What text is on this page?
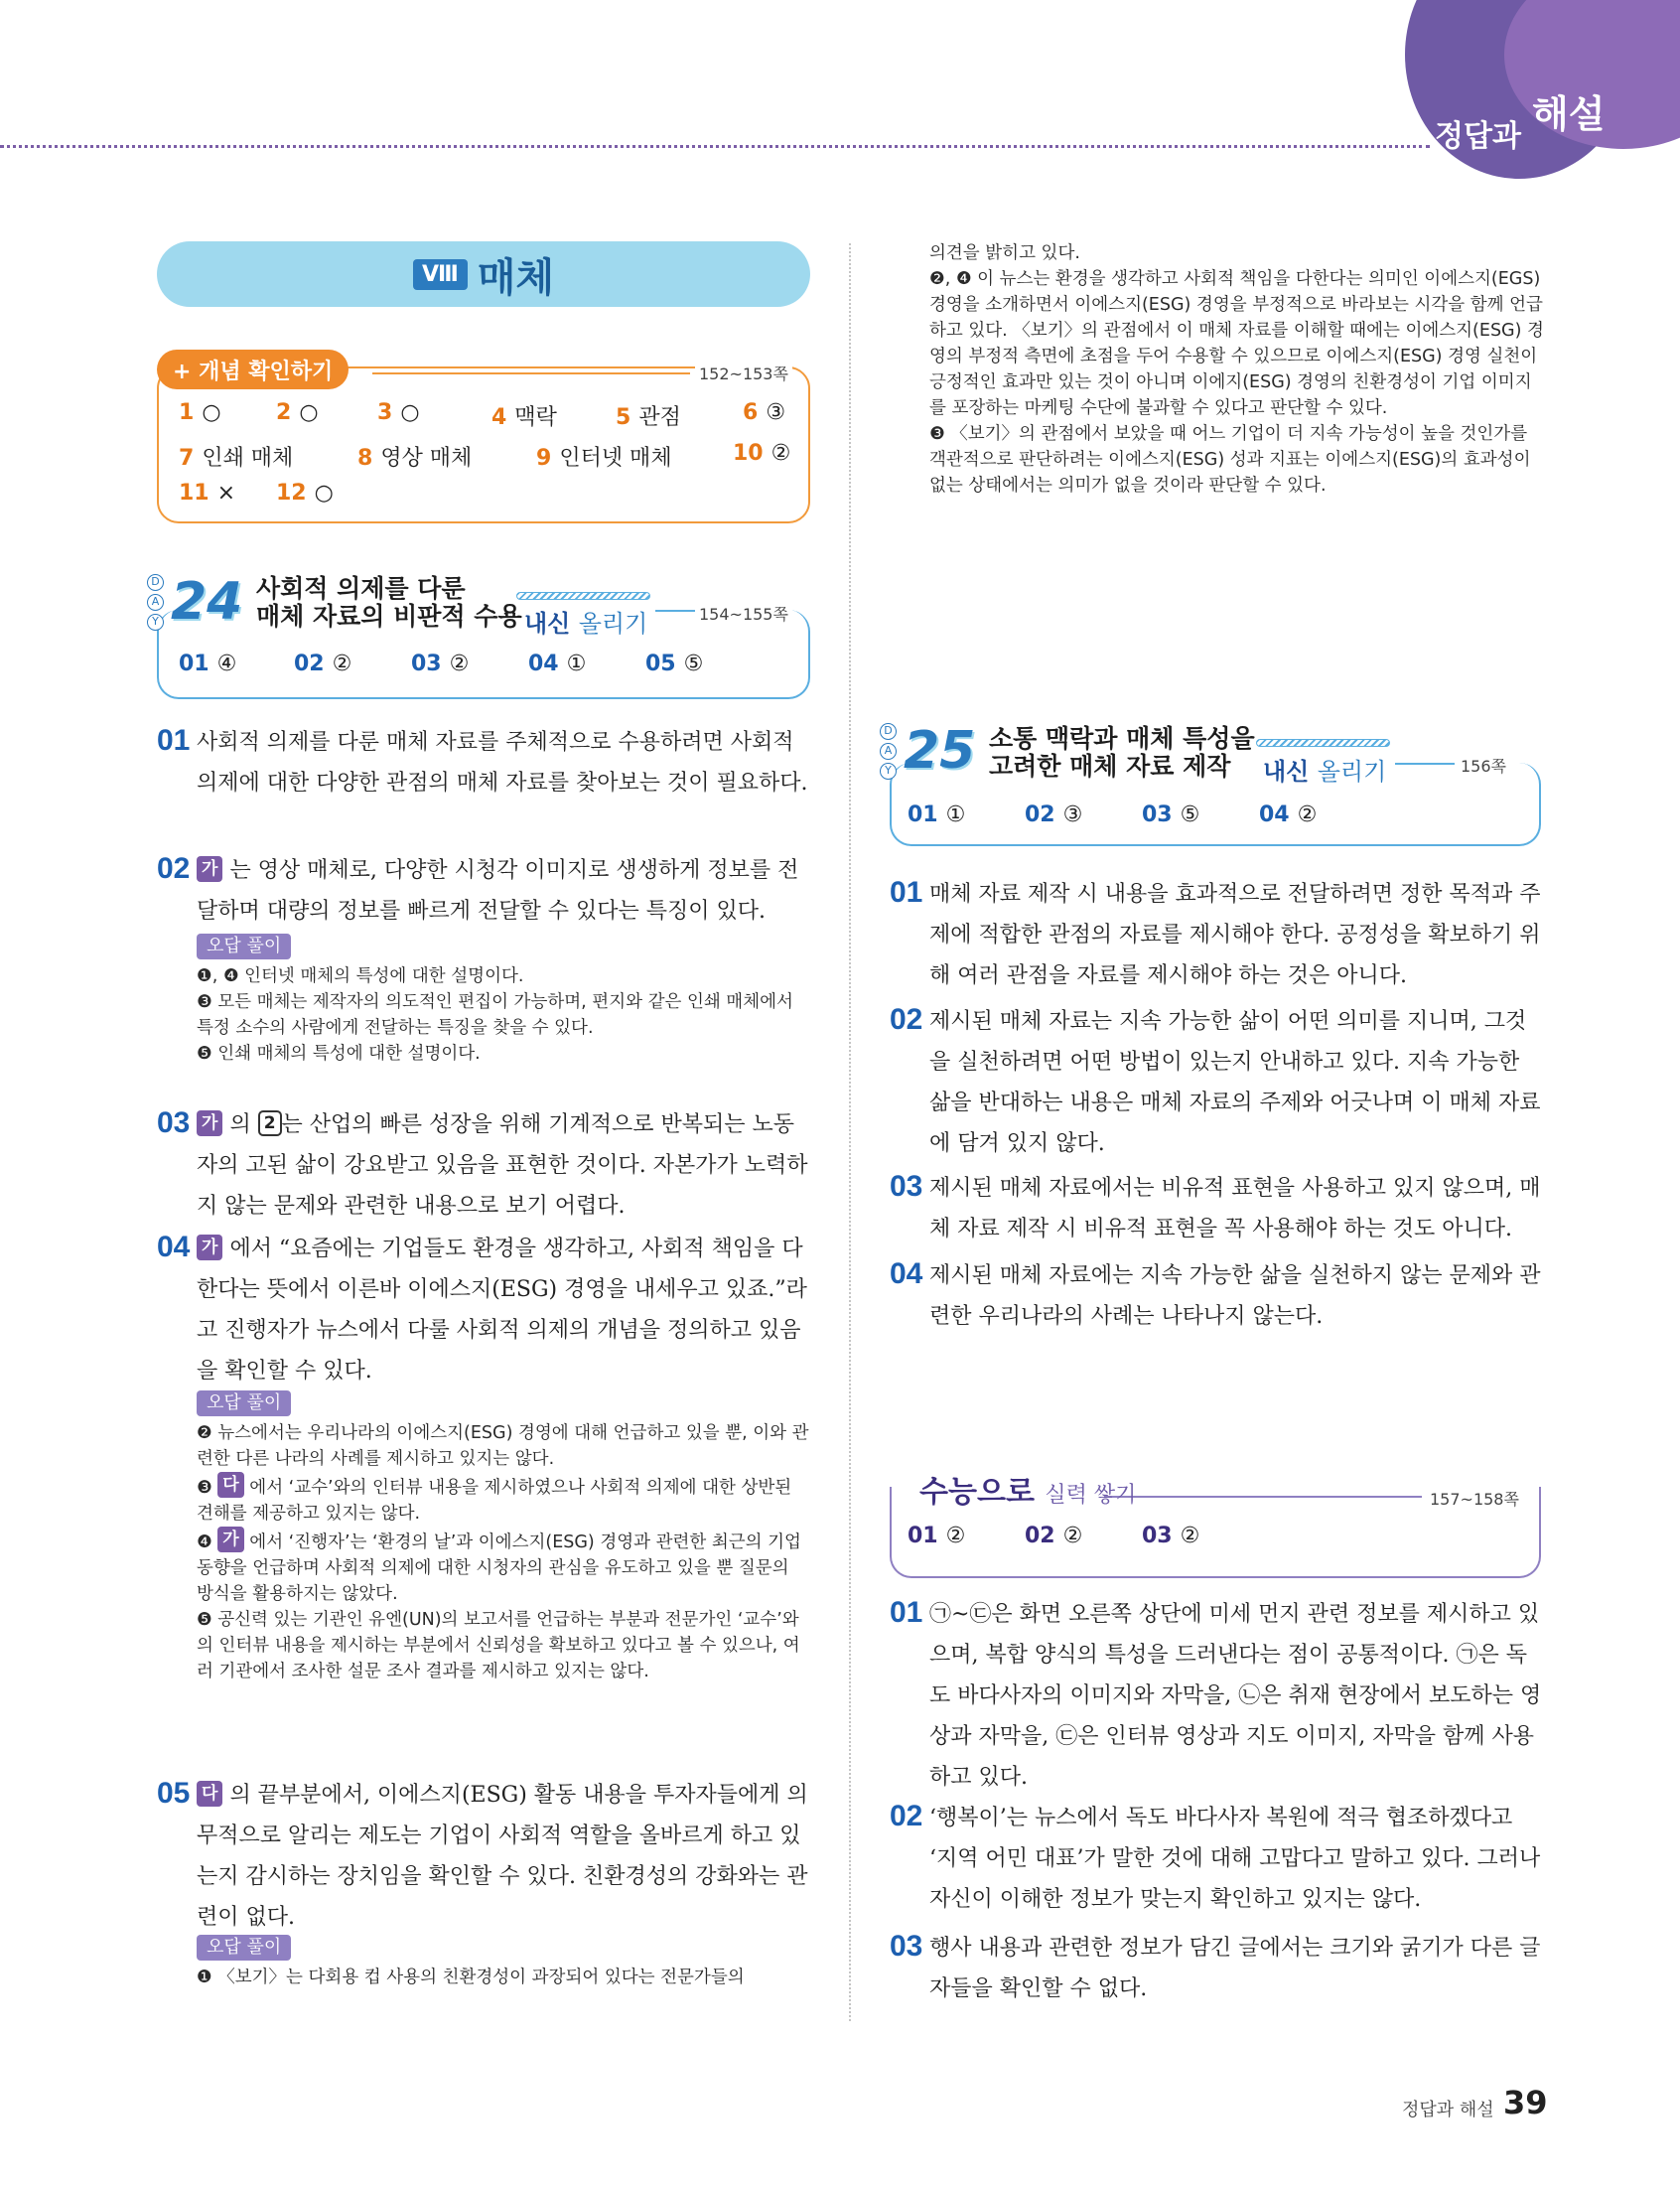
정답과
해설
Ⅷ 매체
+ 개념 확인하기	152~153쪽
1 ○	2 ○	3 ○	4 맥락	5 관점	6 ③
7 인쇄 매체	8 영상 매체	9 인터넷 매체	10 ②
11 × 12 ○
D
A
Y 24 사회적 의제를 다룬
매체 자료의 비판적 수용 내신 올리기	154~155쪽
01 ④	02 ②	03 ②	04 ①	05 ⑤
01 사회적 의제를 다룬 매체 자료를 주체적으로 수용하려면 사회적 의제에 대한 다양한 관점의 매체 자료를 찾아보는 것이 필요하다.
02 가 는 영상 매체로, 다양한 시청각 이미지로 생생하게 정보를 전달하며 대량의 정보를 빠르게 전달할 수 있다는 특징이 있다.
오답 풀이
❶, ❹ 인터넷 매체의 특성에 대한 설명이다.
❸ 모든 매체는 제작자의 의도적인 편집이 가능하며, 편지와 같은 인쇄 매체에서 특정 소수의 사람에게 전달하는 특징을 찾을 수 있다.
❺ 인쇄 매체의 특성에 대한 설명이다.
03 가 의 2 는 산업의 빠른 성장을 위해 기계적으로 반복되는 노동자의 고된 삶이 강요받고 있음을 표현한 것이다. 자본가가 노력하지 않는 문제와 관련한 내용으로 보기 어렵다.
04 가 에서 “요즘에는 기업들도 환경을 생각하고, 사회적 책임을 다한다는 뜻에서 이른바 이에스지(ESG) 경영을 내세우고 있죠.”라고 진행자가 뉴스에서 다룰 사회적 의제의 개념을 정의하고 있음을 확인할 수 있다.
오답 풀이
❷ 뉴스에서는 우리나라의 이에스지(ESG) 경영에 대해 언급하고 있을 뿐, 이와 관련한 다른 나라의 사례를 제시하고 있지는 않다.
❸ 다 에서 ‘교수’와의 인터뷰 내용을 제시하였으나 사회적 의제에 대한 상반된 견해를 제공하고 있지는 않다.
❹ 가 에서 ‘진행자’는 ‘환경의 날’과 이에스지(ESG) 경영과 관련한 최근의 기업 동향을 언급하며 사회적 의제에 대한 시청자의 관심을 유도하고 있을 뿐 질문의 방식을 활용하지는 않았다.
❺ 공신력 있는 기관인 유엔(UN)의 보고서를 언급하는 부분과 전문가인 ‘교수’와의 인터뷰 내용을 제시하는 부분에서 신뢰성을 확보하고 있다고 볼 수 있으나, 여러 기관에서 조사한 설문 조사 결과를 제시하고 있지는 않다.
05 다 의 끝부분에서, 이에스지(ESG) 활동 내용을 투자자들에게 의무적으로 알리는 제도는 기업이 사회적 역할을 올바르게 하고 있는지 감시하는 장치임을 확인할 수 있다. 친환경성의 강화와는 관련이 없다.
오답 풀이
❶ 〈보기〉는 다회용 컵 사용의 친환경성이 과장되어 있다는 전문가들의
의견을 밝히고 있다.
❷, ❹ 이 뉴스는 환경을 생각하고 사회적 책임을 다한다는 의미인 이에스지(EGS) 경영을 소개하면서 이에스지(ESG) 경영을 부정적으로 바라보는 시각을 함께 언급하고 있다. 〈보기〉의 관점에서 이 매체 자료를 이해할 때에는 이에스지(ESG) 경영의 부정적 측면에 초점을 두어 수용할 수 있으므로 이에스지(ESG) 경영 실천이 긍정적인 효과만 있는 것이 아니며 이에지(ESG) 경영의 친환경성이 기업 이미지를 포장하는 마케팅 수단에 불과할 수 있다고 판단할 수 있다.
❸ 〈보기〉의 관점에서 보았을 때 어느 기업이 더 지속 가능성이 높을 것인가를 객관적으로 판단하려는 이에스지(ESG) 성과 지표는 이에스지(ESG)의 효과성이 없는 상태에서는 의미가 없을 것이라 판단할 수 있다.
D
A
Y 25 소통 맥락과 매체 특성을
고려한 매체 자료 제작 내신 올리기	156쪽
01 ①	02 ③	03 ⑤	04 ②
01 매체 자료 제작 시 내용을 효과적으로 전달하려면 정한 목적과 주제에 적합한 관점의 자료를 제시해야 한다. 공정성을 확보하기 위해 여러 관점을 자료를 제시해야 하는 것은 아니다.
02 제시된 매체 자료는 지속 가능한 삶이 어떤 의미를 지니며, 그것을 실천하려면 어떤 방법이 있는지 안내하고 있다. 지속 가능한 삶을 반대하는 내용은 매체 자료의 주제와 어긋나며 이 매체 자료에 담겨 있지 않다.
03 제시된 매체 자료에서는 비유적 표현을 사용하고 있지 않으며, 매체 자료 제작 시 비유적 표현을 꼭 사용해야 하는 것도 아니다.
04 제시된 매체 자료에는 지속 가능한 삶을 실천하지 않는 문제와 관련한 우리나라의 사례는 나타나지 않는다.
수능으로 실력 쌓기	157~158쪽
01 ②	02 ②	03 ②
01 ㉠~㉢은 화면 오른쪽 상단에 미세 먼지 관련 정보를 제시하고 있으며, 복합 양식의 특성을 드러낸다는 점이 공통적이다. ㉠은 독도 바다사자의 이미지와 자막을, ㉡은 취재 현장에서 보도하는 영상과 자막을, ㉢은 인터뷰 영상과 지도 이미지, 자막을 함께 사용하고 있다.
02 ‘행복이’는 뉴스에서 독도 바다사자 복원에 적극 협조하겠다고 ‘지역 어민 대표’가 말한 것에 대해 고맙다고 말하고 있다. 그러나 자신이 이해한 정보가 맞는지 확인하고 있지는 않다.
03 행사 내용과 관련한 정보가 담긴 글에서는 크기와 굵기가 다른 글자들을 확인할 수 없다.
정답과 해설 39
